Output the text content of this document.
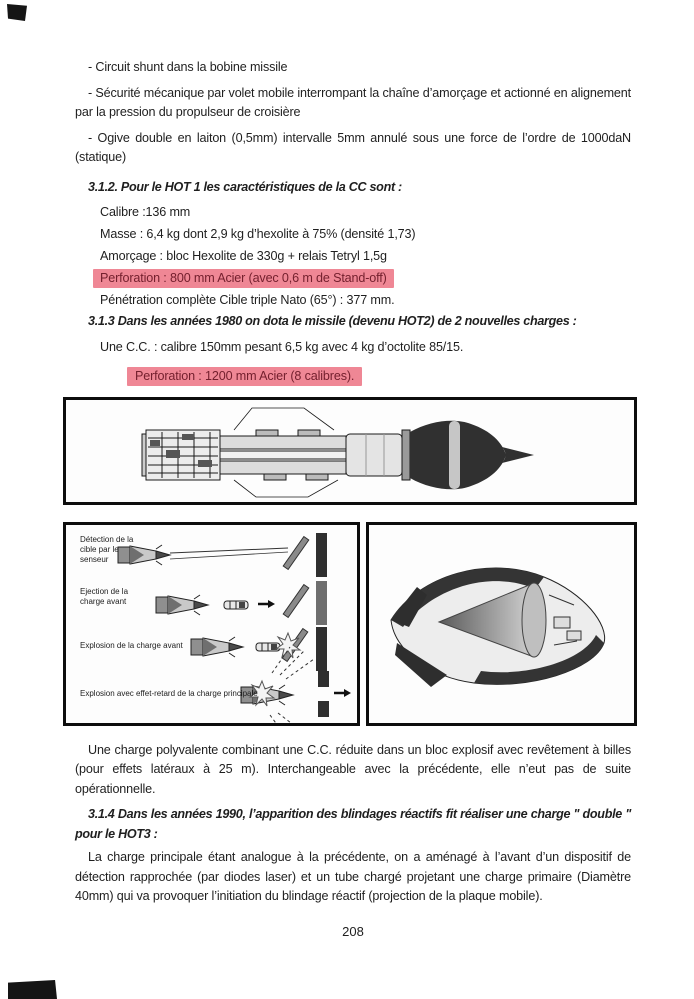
- Circuit shunt dans la bobine missile

- Sécurité mécanique par volet mobile interrompant la chaîne d’amorçage et actionné en alignement par la pression du propulseur de croisière

- Ogive double en laiton (0,5mm) intervalle 5mm annulé sous une force de l’ordre de 1000daN (statique)

3.1.2. Pour le HOT 1 les caractéristiques de la CC sont :

Calibre :136 mm

Masse : 6,4 kg dont 2,9 kg d’hexolite à 75% (densité 1,73)

Amorçage : bloc Hexolite de 330g + relais Tetryl 1,5g

Perforation : 800 mm Acier (avec 0,6 m de Stand-off)

Pénétration complète Cible triple Nato (65°) : 377 mm.

3.1.3 Dans les années 1980 on dota le missile (devenu HOT2) de 2 nouvelles charges :

Une C.C. : calibre 150mm pesant 6,5 kg avec 4 kg d’octolite 85/15.

Perforation : 1200 mm Acier (8 calibres).

Détection de la cible par le senseur
Ejection de la charge avant
Explosion de la charge avant
Explosion avec effet-retard de la charge principale

Une charge polyvalente combinant une C.C. réduite dans un bloc explosif avec revêtement à billes (pour effets latéraux à 25 m). Interchangeable avec la précédente, elle n’eut pas de suite opérationnelle.

3.1.4 Dans les années 1990, l’apparition des blindages réactifs fit réaliser une charge " double " pour le HOT3 :

La charge principale étant analogue à la précédente, on a aménagé à l’avant d’un dispositif de détection rapprochée (par diodes laser) et un tube chargé projetant une charge primaire (Diamètre 40mm) qui va provoquer l’initiation du blindage réactif (projection de la plaque mobile).

208
